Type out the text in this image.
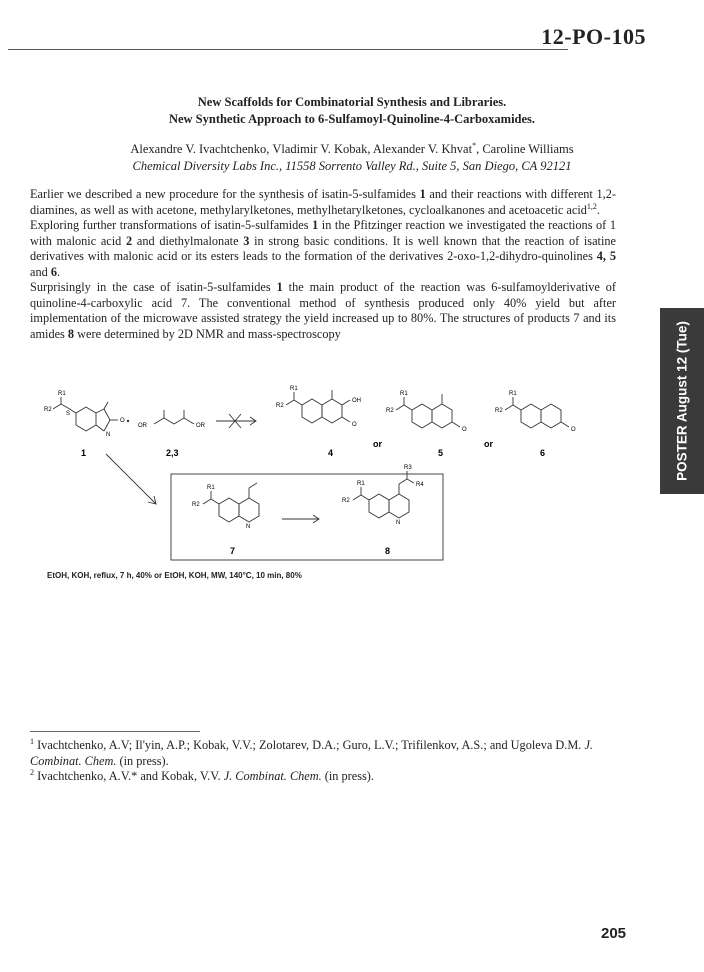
12-PO-105
New Scaffolds for Combinatorial Synthesis and Libraries.
New Synthetic Approach to 6-Sulfamoyl-Quinoline-4-Carboxamides.
Alexandre V. Ivachtchenko, Vladimir V. Kobak, Alexander V. Khvat*, Caroline Williams
Chemical Diversity Labs Inc., 11558 Sorrento Valley Rd., Suite 5, San Diego, CA 92121

Earlier we described a new procedure for the synthesis of isatin-5-sulfamides 1 and their reactions with different 1,2-diamines, as well as with acetone, methylarylketones, methylhetarylketones, cycloalkanones and acetoacetic acid$^{1,2}$.

Exploring further transformations of isatin-5-sulfamides 1 in the Pfitzinger reaction we investigated the reactions of 1 with malonic acid 2 and diethylmalonate 3 in strong basic conditions. It is well known that the reaction of isatine derivatives with malonic acid or its esters leads to the formation of the derivatives 2-oxo-1,2-dihydro-quinolines 4, 5 and 6.

Surprisingly in the case of isatin-5-sulfamides 1 the main product of the reaction was 6-sulfamoylderivative of quinoline-4-carboxylic acid 7. The conventional method of synthesis produced only 40% yield but after implementation of the microwave assisted strategy the yield increased up to 80%. The structures of products 7 and its amides 8 were determined by 2D NMR and mass-spectroscopy	POSTER August 12 (Tue)
R1
R2
S
O
N
OR	OR
R1
R2
OH
O
R1
R2
O
R1
R2
O
R1
R2
N
R3
R4
R1
R2
N
1	2,3	4
or
5
or
6
7	8
EtOH, KOH, reflux, 7 h, 40% or EtOH, KOH, MW, 140°C, 10 min, 80%

$^1$ Ivachtchenko, A.V; Il'yin, A.P.; Kobak, V.V.; Zolotarev, D.A.; Guro, L.V.; Trifilenkov, A.S.; and Ugoleva D.M. J. Combinat. Chem. (in press).

$^2$ Ivachtchenko, A.V.* and Kobak, V.V. J. Combinat. Chem. (in press).

205
